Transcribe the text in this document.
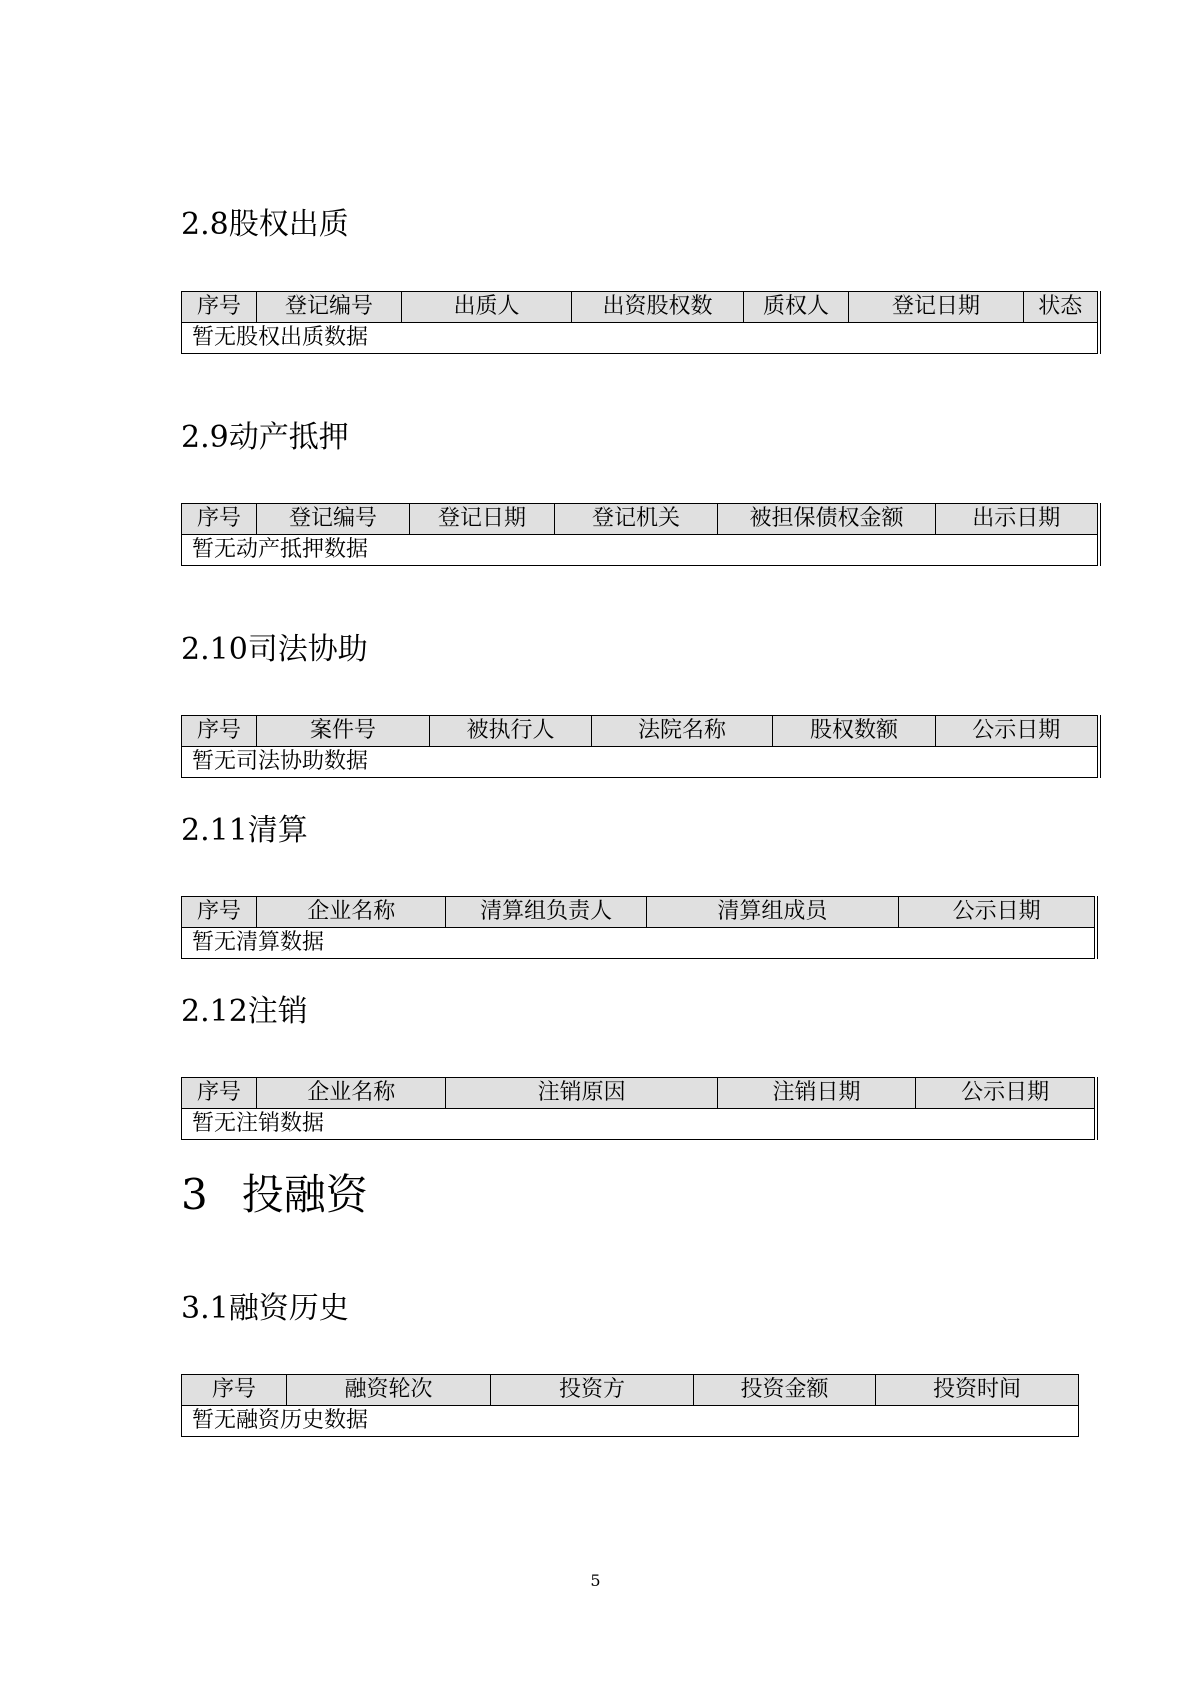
2.8股权出质
序号	登记编号	出质人	出资股权数	质权人	登记日期	状态
暂无股权出质数据
2.9动产抵押
序号	登记编号	登记日期	登记机关	被担保债权金额	出示日期
暂无动产抵押数据
2.10司法协助
序号	案件号	被执行人	法院名称	股权数额	公示日期
暂无司法协助数据
2.11清算
序号	企业名称	清算组负责人	清算组成员	公示日期
暂无清算数据
2.12注销
序号	企业名称	注销原因	注销日期	公示日期
暂无注销数据
3 投融资
3.1融资历史
序号	融资轮次	投资方	投资金额	投资时间
暂无融资历史数据
5
